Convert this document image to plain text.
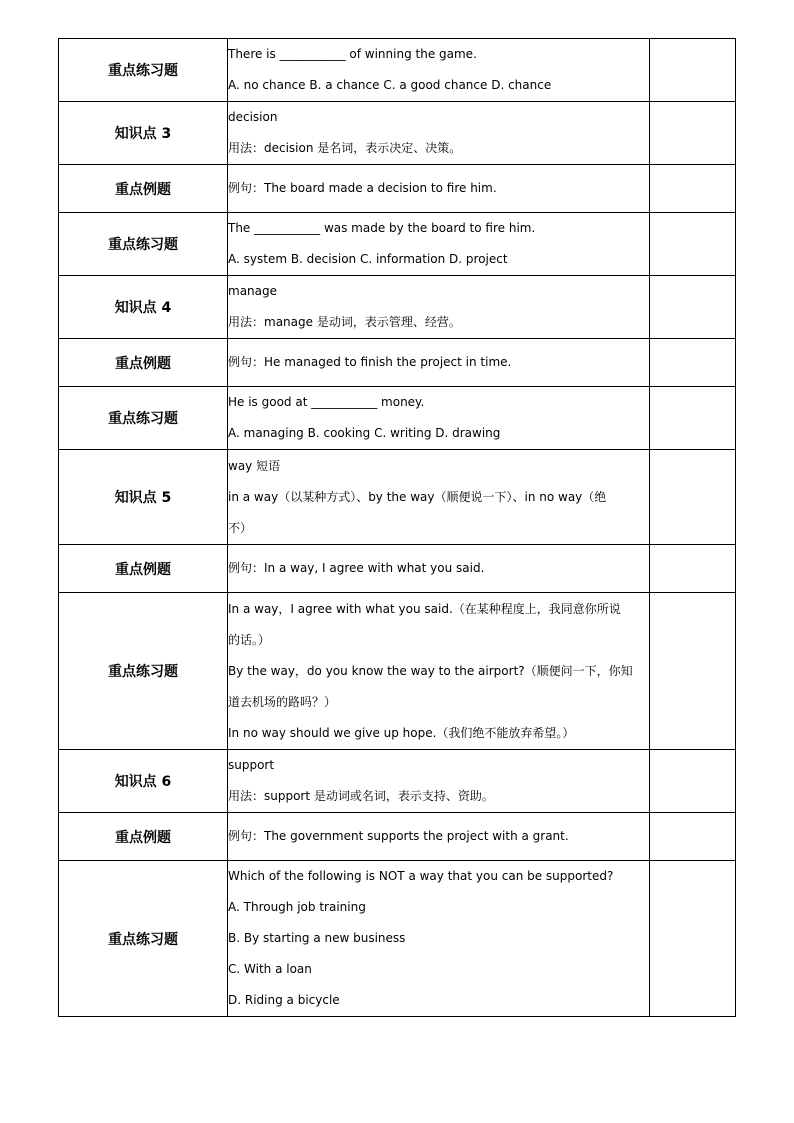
重点练习题	There is ___________ of winning the game.
A. no chance B. a chance C. a good chance D. chance	

知识点 3	decision
用法：decision 是名词，表示决定、决策。	

重点例题	例句：The board made a decision to fire him.	

重点练习题	The ___________ was made by the board to fire him.
A. system B. decision C. information D. project	

知识点 4	manage
用法：manage 是动词，表示管理、经营。	

重点例题	例句：He managed to finish the project in time.	

重点练习题	He is good at ___________ money.
A. managing B. cooking C. writing D. drawing	

知识点 5	way 短语
in a way（以某种方式）、by the way（顺便说一下）、in no way（绝
不）	

重点例题	例句：In a way, I agree with what you said.	

重点练习题	In a way，I agree with what you said.（在某种程度上，我同意你所说
的话。）
By the way，do you know the way to the airport?（顺便问一下，你知
道去机场的路吗？）
In no way should we give up hope.（我们绝不能放弃希望。）	

知识点 6	support
用法：support 是动词或名词，表示支持、资助。	

重点例题	例句：The government supports the project with a grant.	

重点练习题	Which of the following is NOT a way that you can be supported?
A. Through job training
B. By starting a new business
C. With a loan
D. Riding a bicycle	
